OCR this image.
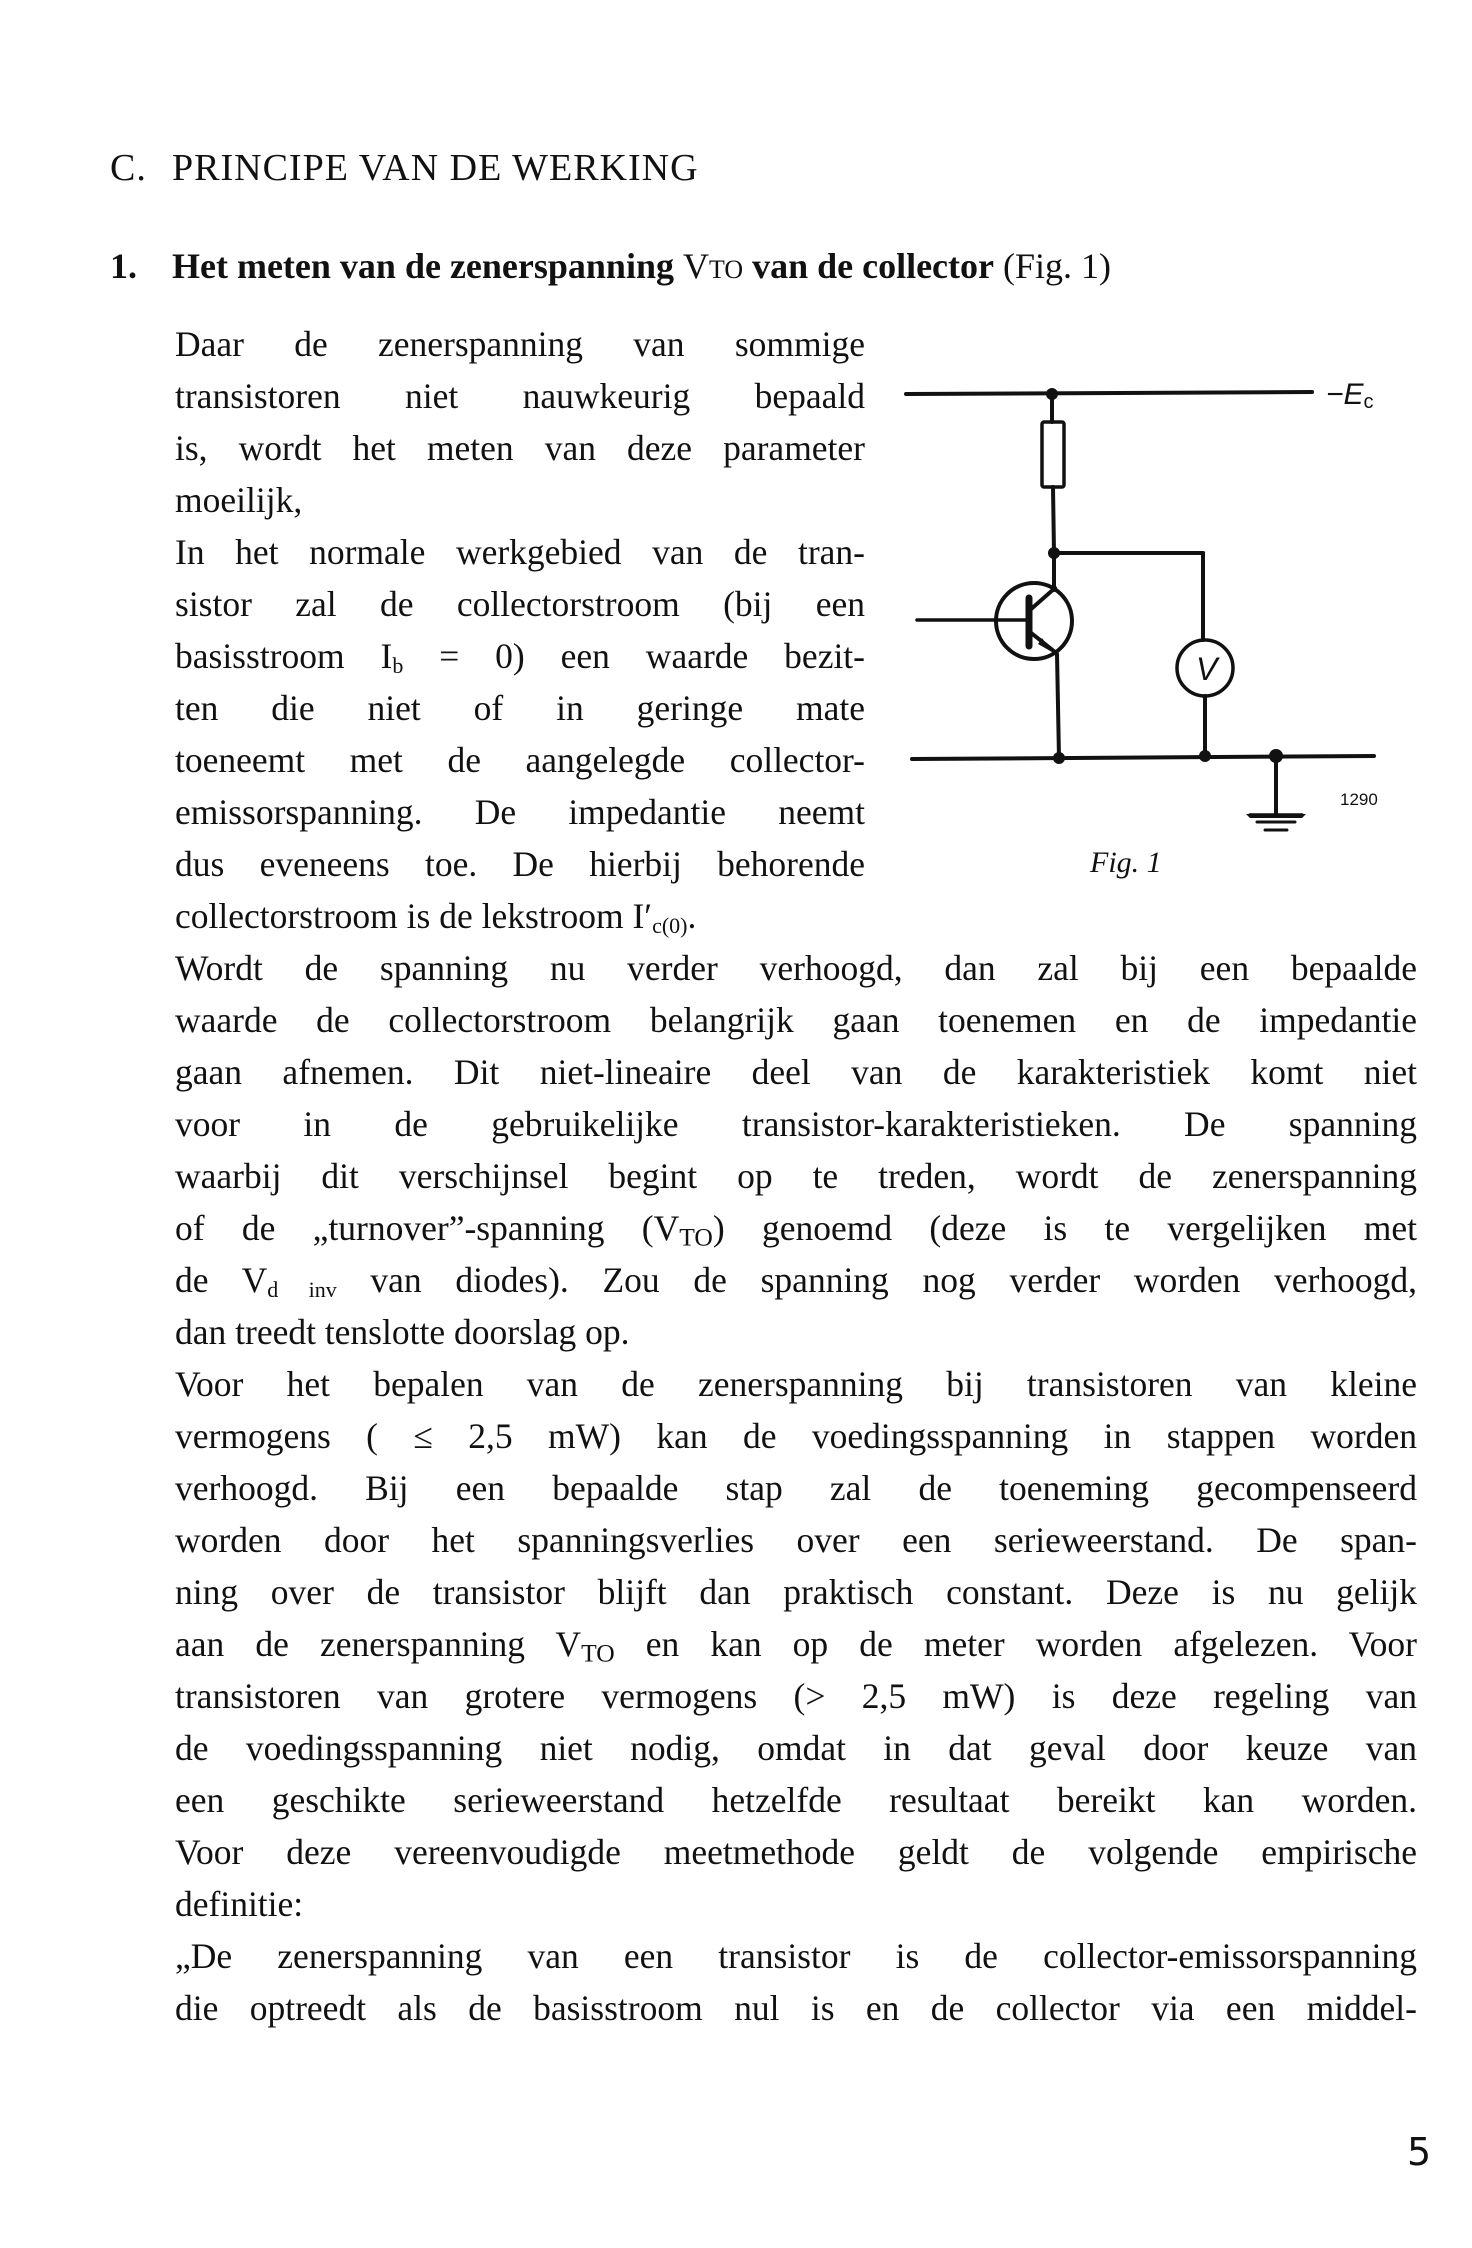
C. PRINCIPE VAN DE WERKING
1. Het meten van de zenerspanning VTO van de collector (Fig. 1)
Daar de zenerspanning van sommige
transistoren niet nauwkeurig bepaald
is, wordt het meten van deze parameter
moeilijk,
In het normale werkgebied van de tran-
sistor zal de collectorstroom (bij een
basisstroom $I_b = 0$) een waarde bezit-
ten die niet of in geringe mate
toeneemt met de aangelegde collector-
emissorspanning. De impedantie neemt
dus eveneens toe. De hierbij behorende
collectorstroom is de lekstroom $I'_{c(0)}$.
Wordt de spanning nu verder verhoogd, dan zal bij een bepaalde
waarde de collectorstroom belangrijk gaan toenemen en de impedantie
gaan afnemen. Dit niet-lineaire deel van de karakteristiek komt niet
voor in de gebruikelijke transistor-karakteristieken. De spanning
waarbij dit verschijnsel begint op te treden, wordt de zenerspanning
of de „turnover”-spanning $(V_{TO})$ genoemd (deze is te vergelijken met
de $V_{d inv}$ van diodes). Zou de spanning nog verder worden verhoogd,
dan treedt tenslotte doorslag op.
Voor het bepalen van de zenerspanning bij transistoren van kleine
vermogens ( ≤ 2,5 mW) kan de voedingsspanning in stappen worden
verhoogd. Bij een bepaalde stap zal de toeneming gecompenseerd
worden door het spanningsverlies over een serieweerstand. De span-
ning over de transistor blijft dan praktisch constant. Deze is nu gelijk
aan de zenerspanning $V_{TO}$ en kan op de meter worden afgelezen. Voor
transistoren van grotere vermogens (> 2,5 mW) is deze regeling van
de voedingsspanning niet nodig, omdat in dat geval door keuze van
een geschikte serieweerstand hetzelfde resultaat bereikt kan worden.
Voor deze vereenvoudigde meetmethode geldt de volgende empirische
definitie:
„De zenerspanning van een transistor is de collector-emissorspanning
die optreedt als de basisstroom nul is en de collector via een middel-
−Ec
V
1290
Fig. 1
5
